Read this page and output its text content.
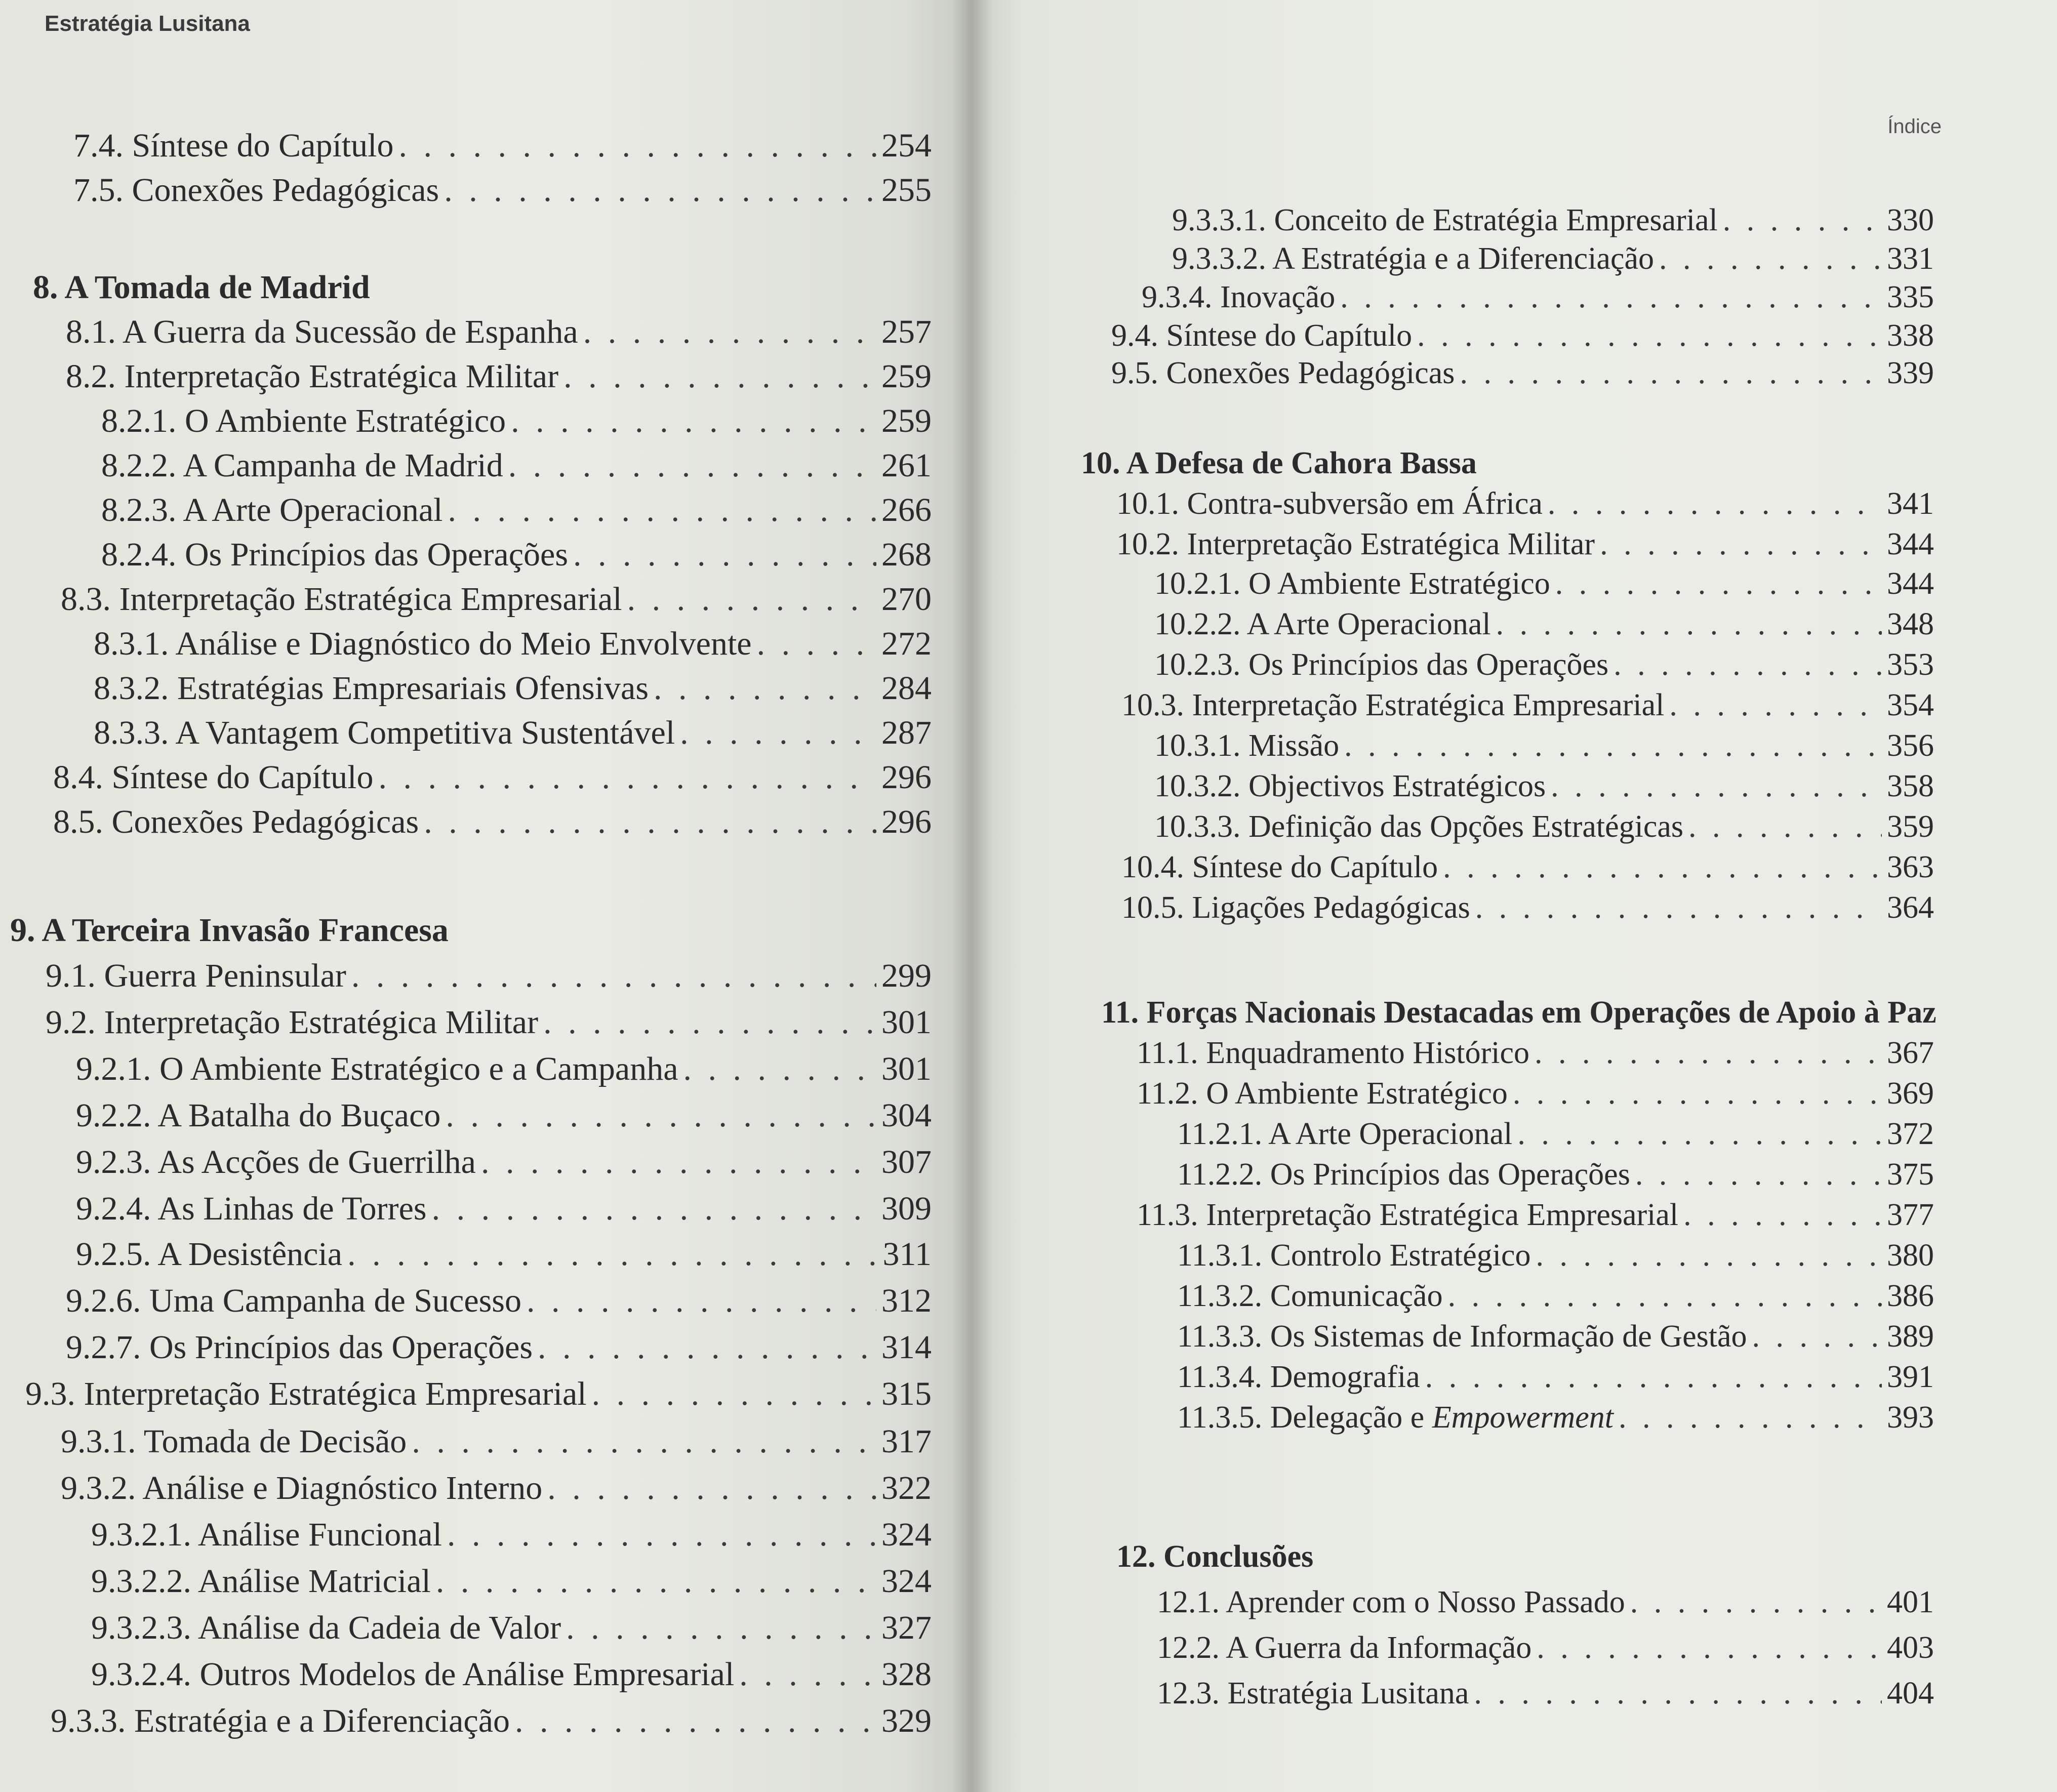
Estratégia Lusitana
7.4. Síntese do Capítulo . . .	254
7.5. Conexões Pedagógicas . . .	255
8. A Tomada de Madrid
8.1. A Guerra da Sucessão de Espanha . . .	257
8.2. Interpretação Estratégica Militar . . .	259
8.2.1. O Ambiente Estratégico . . .	259
8.2.2. A Campanha de Madrid . . .	261
8.2.3. A Arte Operacional . . .	266
8.2.4. Os Princípios das Operações . . .	268
8.3. Interpretação Estratégica Empresarial . . .	270
8.3.1. Análise e Diagnóstico do Meio Envolvente . . .	272
8.3.2. Estratégias Empresariais Ofensivas . . .	284
8.3.3. A Vantagem Competitiva Sustentável . . .	287
8.4. Síntese do Capítulo . . .	296
8.5. Conexões Pedagógicas . . .	296
9. A Terceira Invasão Francesa
9.1. Guerra Peninsular . . .	299
9.2. Interpretação Estratégica Militar . . .	301
9.2.1. O Ambiente Estratégico e a Campanha . . .	301
9.2.2. A Batalha do Buçaco . . .	304
9.2.3. As Acções de Guerrilha . . .	307
9.2.4. As Linhas de Torres . . .	309
9.2.5. A Desistência . . .	311
9.2.6. Uma Campanha de Sucesso . . .	312
9.2.7. Os Princípios das Operações . . .	314
9.3. Interpretação Estratégica Empresarial . . .	315
9.3.1. Tomada de Decisão . . .	317
9.3.2. Análise e Diagnóstico Interno . . .	322
9.3.2.1. Análise Funcional . . .	324
9.3.2.2. Análise Matricial . . .	324
9.3.2.3. Análise da Cadeia de Valor . . .	327
9.3.2.4. Outros Modelos de Análise Empresarial . . .	328
9.3.3. Estratégia e a Diferenciação . . .	329
Índice
9.3.3.1. Conceito de Estratégia Empresarial . . .	330
9.3.3.2. A Estratégia e a Diferenciação . . .	331
9.3.4. Inovação . . .	335
9.4. Síntese do Capítulo . . .	338
9.5. Conexões Pedagógicas . . .	339
10. A Defesa de Cahora Bassa
10.1. Contra-subversão em África . . .	341
10.2. Interpretação Estratégica Militar . . .	344
10.2.1. O Ambiente Estratégico . . .	344
10.2.2. A Arte Operacional . . .	348
10.2.3. Os Princípios das Operações . . .	353
10.3. Interpretação Estratégica Empresarial . . .	354
10.3.1. Missão . . .	356
10.3.2. Objectivos Estratégicos . . .	358
10.3.3. Definição das Opções Estratégicas . . .	359
10.4. Síntese do Capítulo . . .	363
10.5. Ligações Pedagógicas . . .	364
11. Forças Nacionais Destacadas em Operações de Apoio à Paz
11.1. Enquadramento Histórico . . .	367
11.2. O Ambiente Estratégico . . .	369
11.2.1. A Arte Operacional . . .	372
11.2.2. Os Princípios das Operações . . .	375
11.3. Interpretação Estratégica Empresarial . . .	377
11.3.1. Controlo Estratégico . . .	380
11.3.2. Comunicação . . .	386
11.3.3. Os Sistemas de Informação de Gestão . . .	389
11.3.4. Demografia . . .	391
11.3.5. Delegação e Empowerment . . .	393
12. Conclusões
12.1. Aprender com o Nosso Passado . . .	401
12.2. A Guerra da Informação . . .	403
12.3. Estratégia Lusitana . . .	404
